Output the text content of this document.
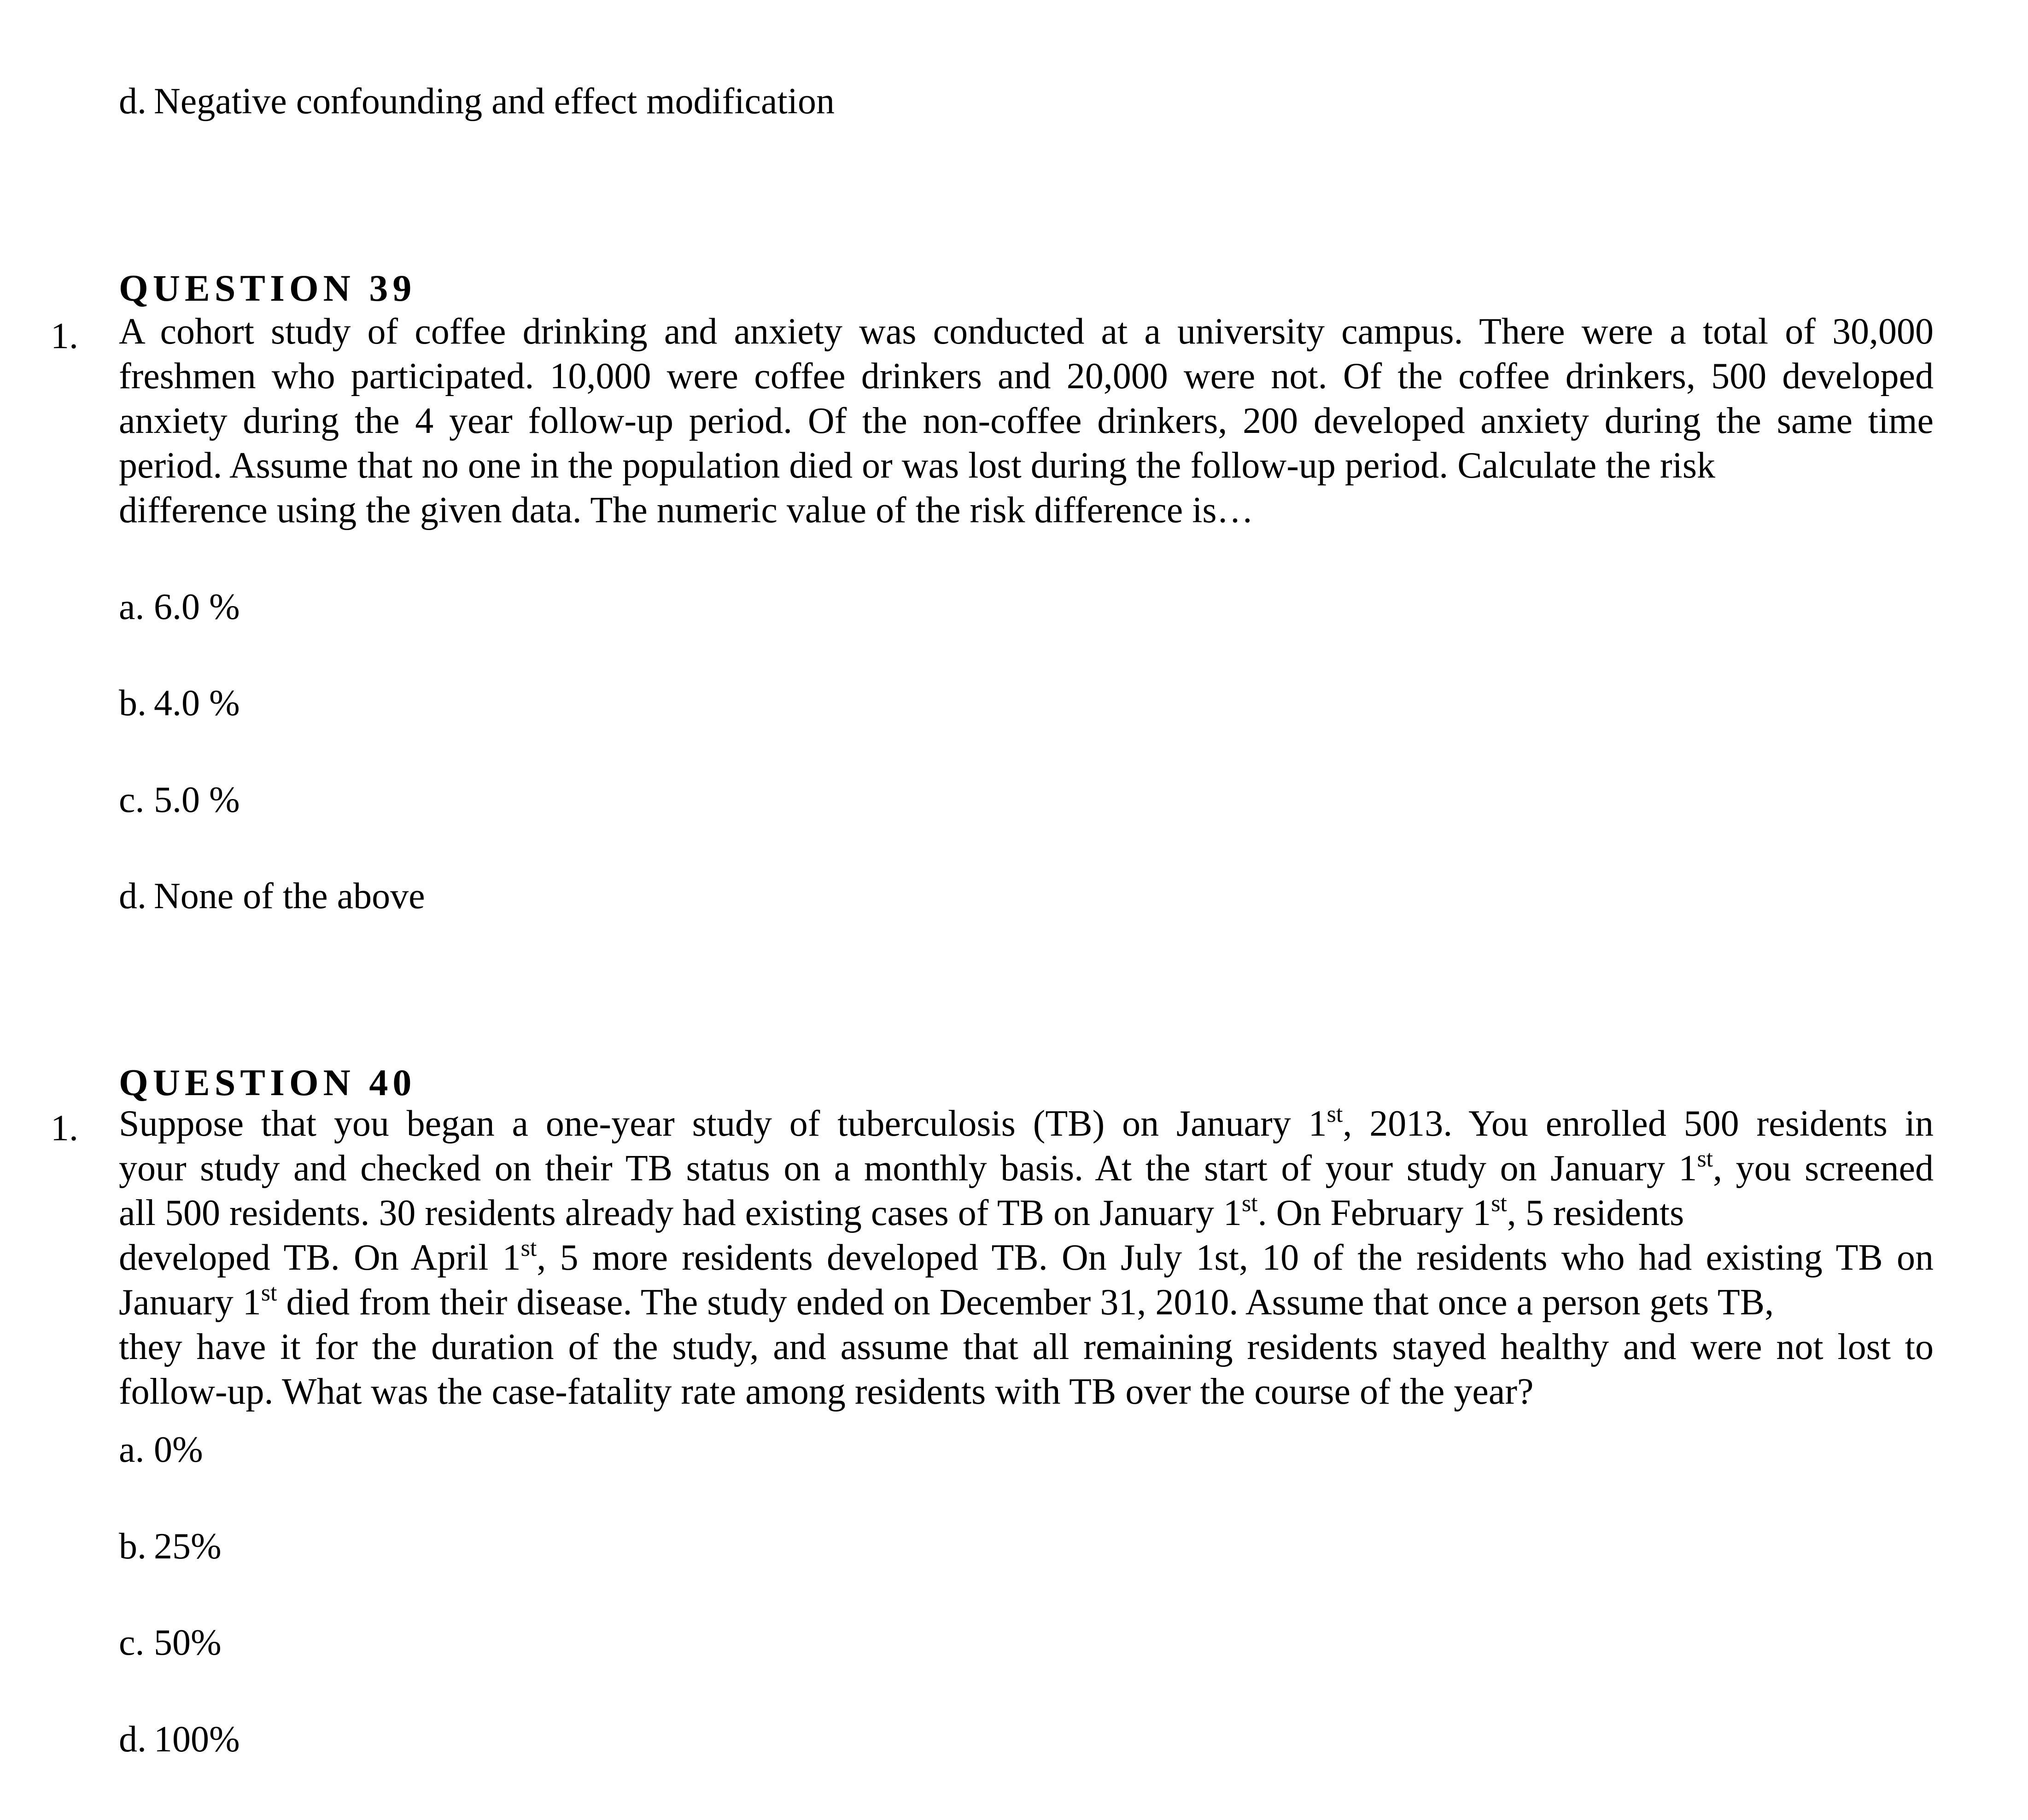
d. Negative confounding and effect modification
QUESTION 39
1. A cohort study of coffee drinking and anxiety was conducted at a university campus. There were a total of 30,000
freshmen who participated. 10,000 were coffee drinkers and 20,000 were not. Of the coffee drinkers, 500 developed
anxiety during the 4 year follow-up period. Of the non-coffee drinkers, 200 developed anxiety during the same time
period. Assume that no one in the population died or was lost during the follow-up period. Calculate the risk
difference using the given data. The numeric value of the risk difference is…
a. 6.0 %
b. 4.0 %
c. 5.0 %
d. None of the above
QUESTION 40
1. Suppose that you began a one-year study of tuberculosis (TB) on January 1st, 2013. You enrolled 500 residents in
your study and checked on their TB status on a monthly basis. At the start of your study on January 1st, you screened
all 500 residents. 30 residents already had existing cases of TB on January 1st. On February 1st, 5 residents
developed TB. On April 1st, 5 more residents developed TB. On July 1st, 10 of the residents who had existing TB on
January 1st died from their disease. The study ended on December 31, 2010. Assume that once a person gets TB,
they have it for the duration of the study, and assume that all remaining residents stayed healthy and were not lost to
follow-up. What was the case-fatality rate among residents with TB over the course of the year?
a. 0%
b. 25%
c. 50%
d. 100%
